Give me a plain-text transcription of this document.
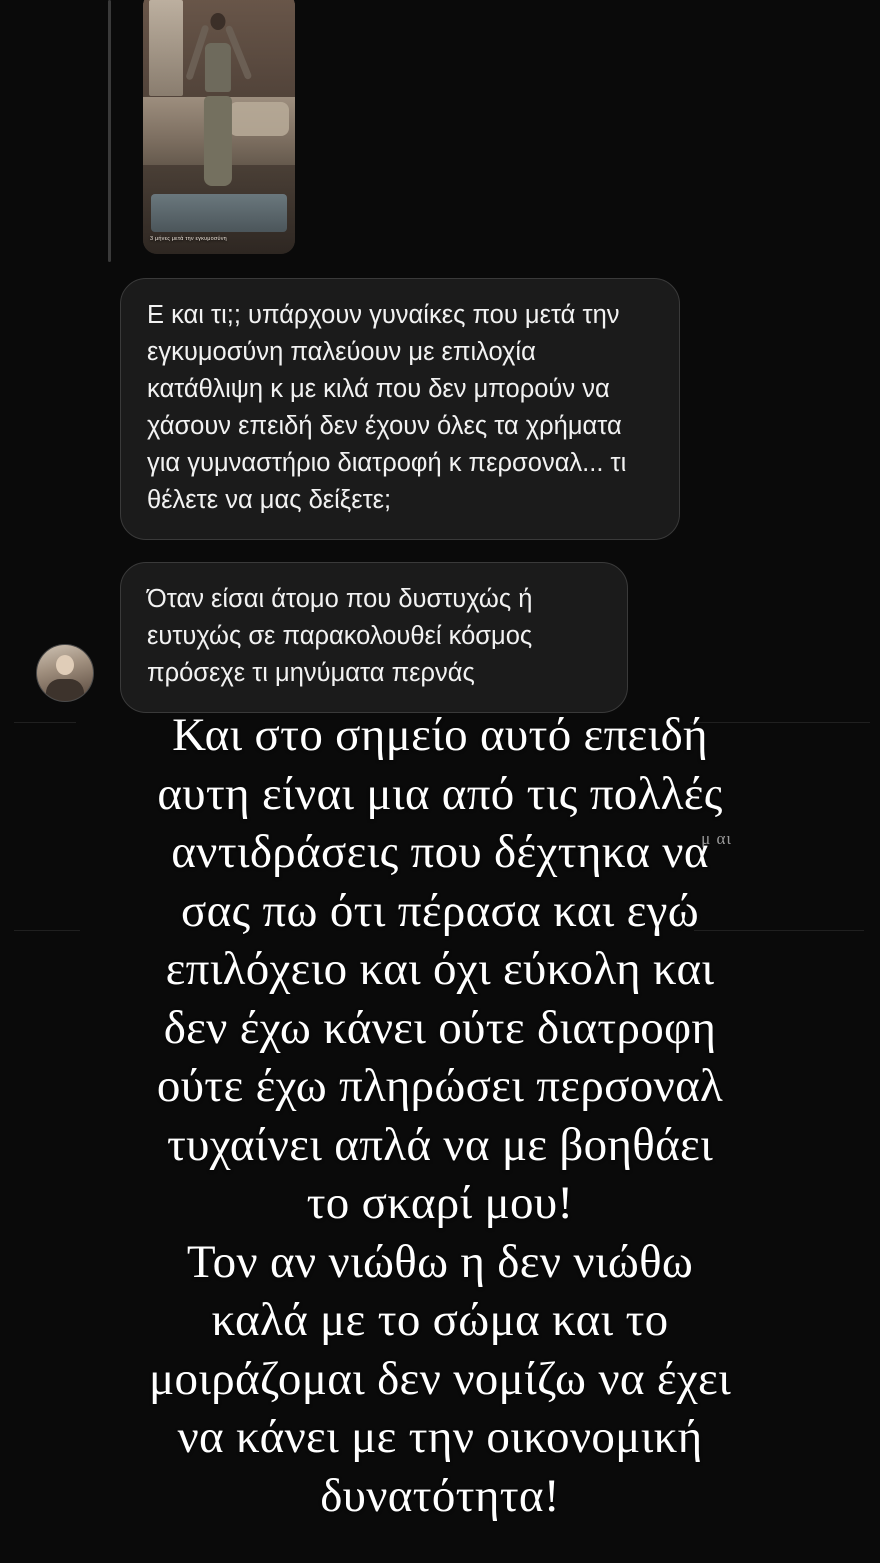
3 μήνες μετά την εγκυμοσύνη
Ε και τι;; υπάρχουν γυναίκες που μετά την εγκυμοσύνη παλεύουν με επιλοχία κατάθλιψη κ με κιλά που δεν μπορούν να χάσουν επειδή δεν έχουν όλες τα χρήματα για γυμναστήριο διατροφή κ περσοναλ... τι θέλετε να μας δείξετε;
Όταν είσαι άτομο που δυστυχώς ή ευτυχώς σε παρακολουθεί κόσμος πρόσεχε τι μηνύματα περνάς
μ αι
Και στο σημείο αυτό επειδή
αυτη είναι μια από τις πολλές
αντιδράσεις που δέχτηκα να
σας πω ότι πέρασα και εγώ
επιλόχειο και όχι εύκολη και
δεν έχω κάνει ούτε διατροφη
ούτε έχω πληρώσει περσοναλ
τυχαίνει απλά να με βοηθάει
το σκαρί μου!
Τον αν νιώθω η δεν νιώθω
καλά με το σώμα και το
μοιράζομαι δεν νομίζω να έχει
να κάνει με την οικονομική
δυνατότητα!
